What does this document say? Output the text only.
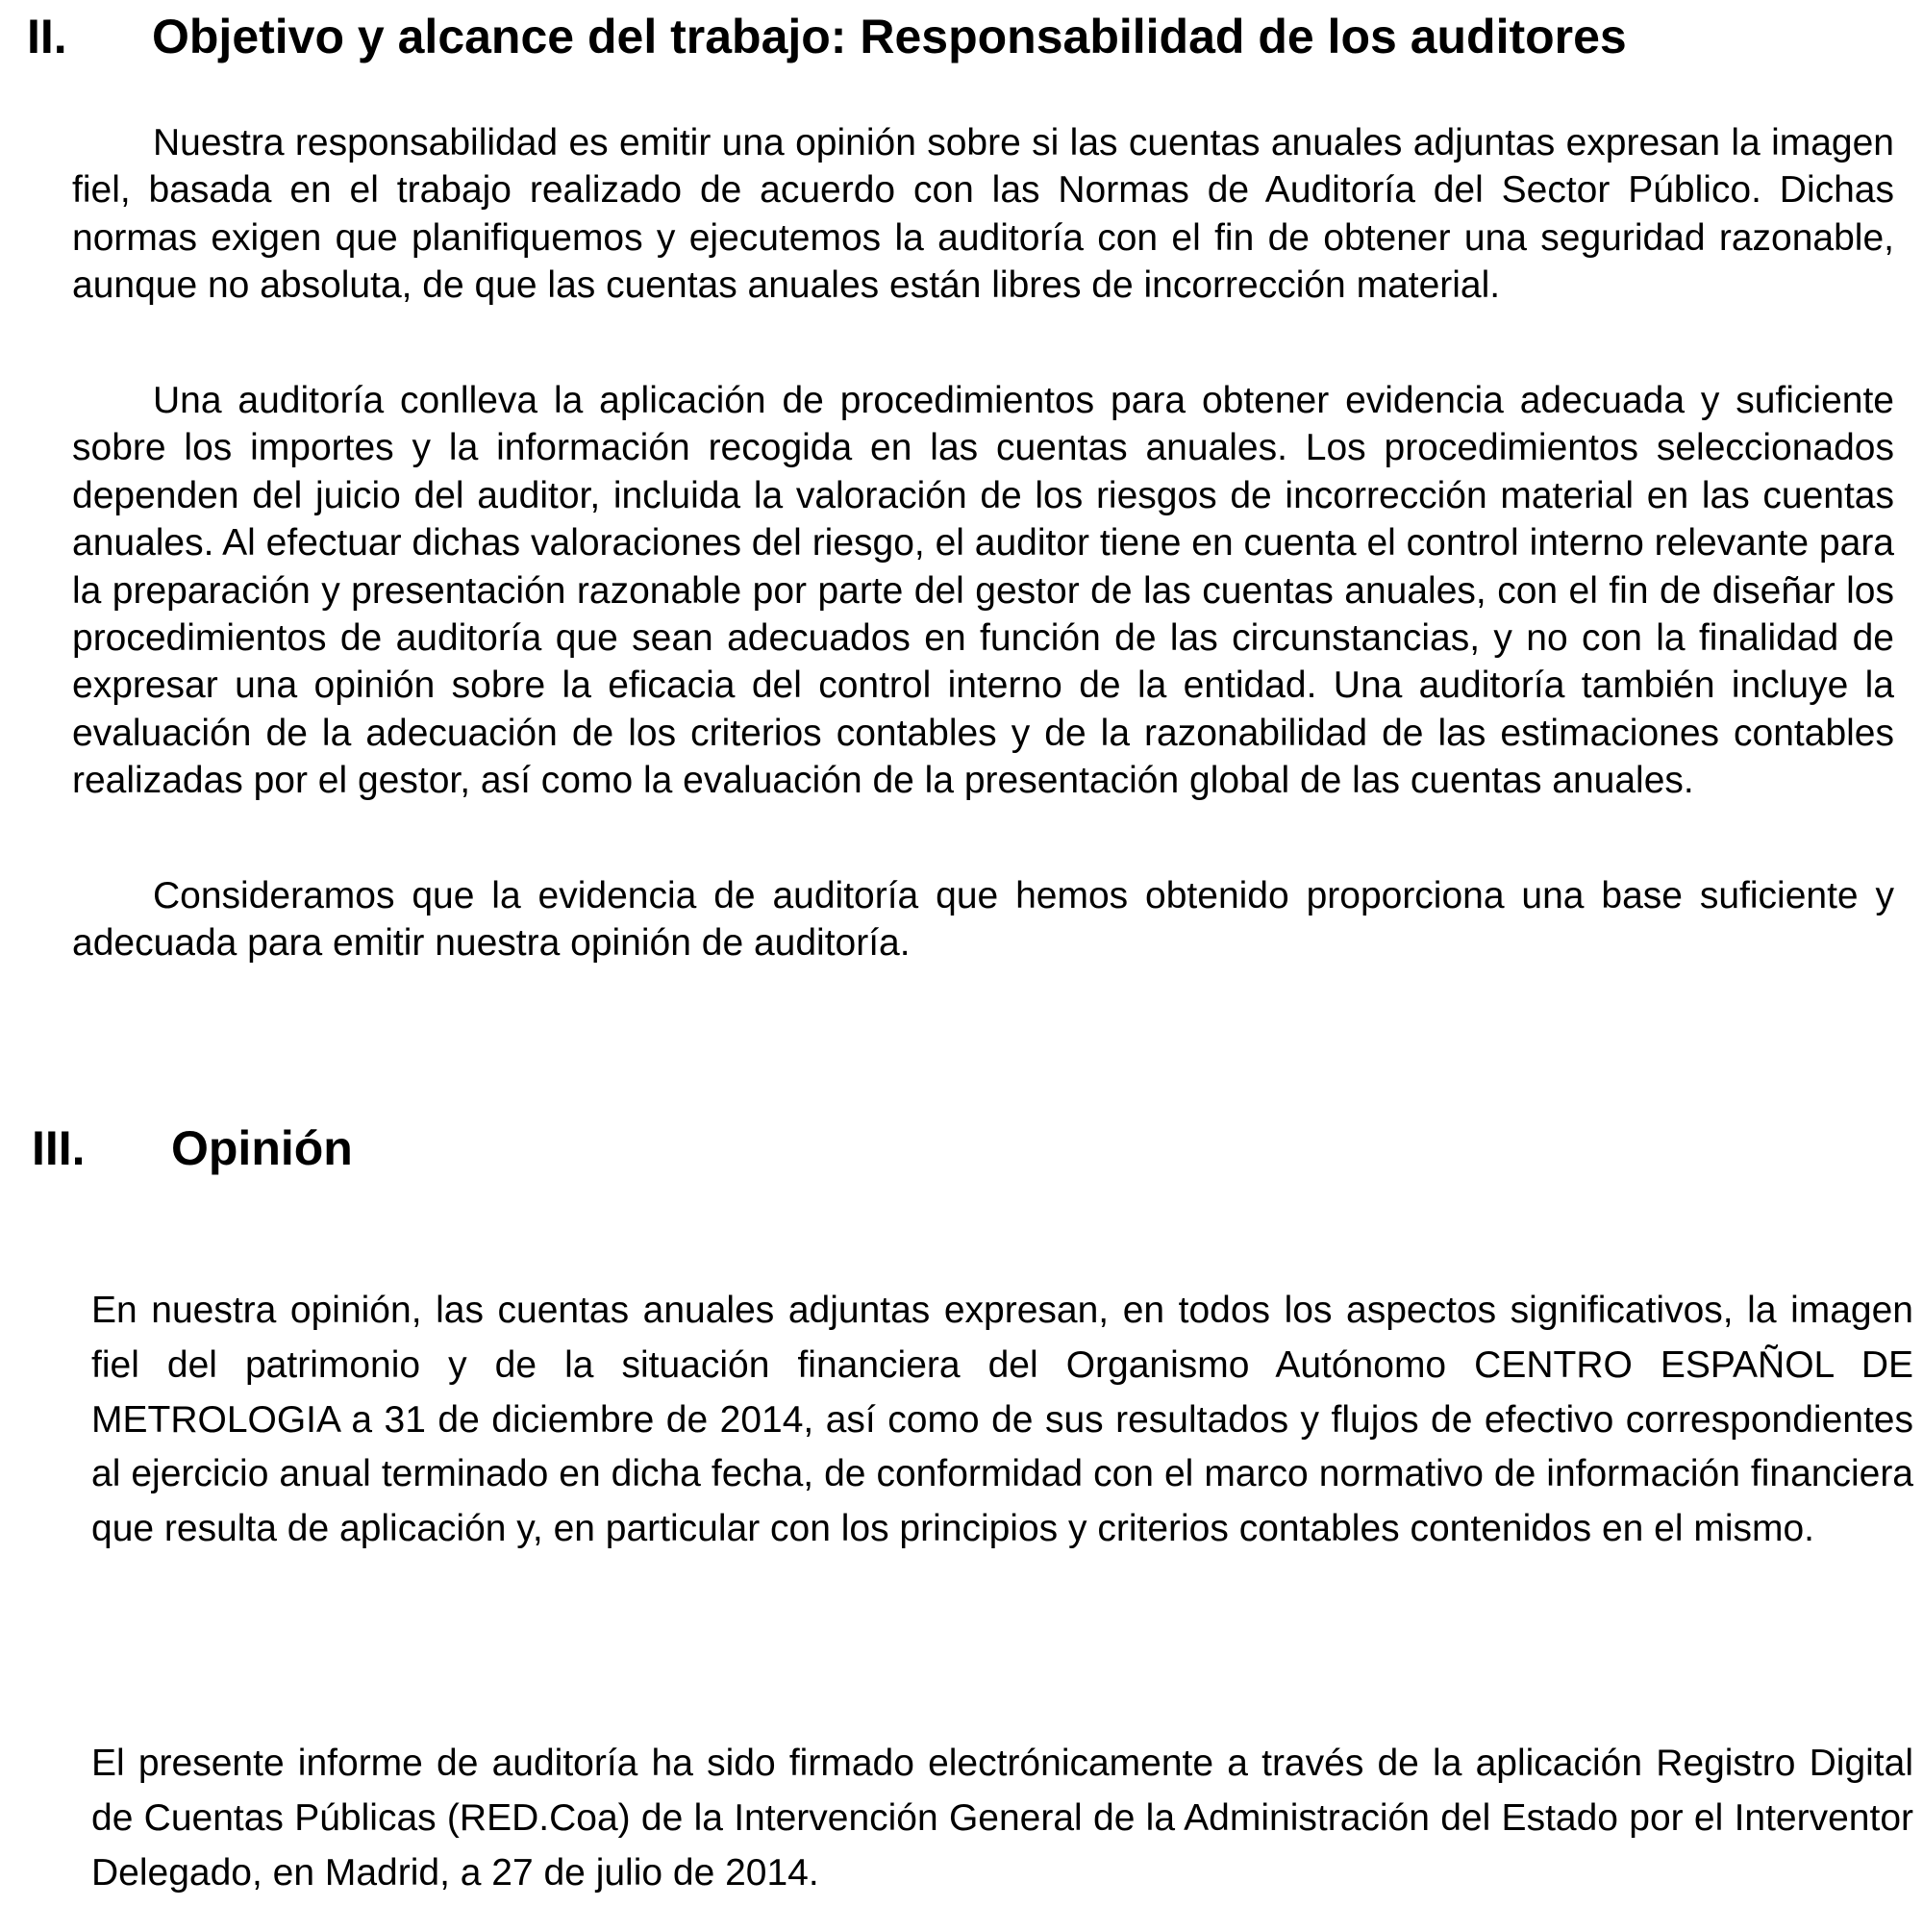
II. Objetivo y alcance del trabajo: Responsabilidad de los auditores

Nuestra responsabilidad es emitir una opinión sobre si las cuentas anuales adjuntas expresan la imagen fiel, basada en el trabajo realizado de acuerdo con las Normas de Auditoría del Sector Público. Dichas normas exigen que planifiquemos y ejecutemos la auditoría con el fin de obtener una seguridad razonable, aunque no absoluta, de que las cuentas anuales están libres de incorrección material.

Una auditoría conlleva la aplicación de procedimientos para obtener evidencia adecuada y suficiente sobre los importes y la información recogida en las cuentas anuales. Los procedimientos seleccionados dependen del juicio del auditor, incluida la valoración de los riesgos de incorrección material en las cuentas anuales. Al efectuar dichas valoraciones del riesgo, el auditor tiene en cuenta el control interno relevante para la preparación y presentación razonable por parte del gestor de las cuentas anuales, con el fin de diseñar los procedimientos de auditoría que sean adecuados en función de las circunstancias, y no con la finalidad de expresar una opinión sobre la eficacia del control interno de la entidad. Una auditoría también incluye la evaluación de la adecuación de los criterios contables y de la razonabilidad de las estimaciones contables realizadas por el gestor, así como la evaluación de la presentación global de las cuentas anuales.

Consideramos que la evidencia de auditoría que hemos obtenido proporciona una base suficiente y adecuada para emitir nuestra opinión de auditoría.

III. Opinión

En nuestra opinión, las cuentas anuales adjuntas expresan, en todos los aspectos significativos, la imagen fiel del patrimonio y de la situación financiera del Organismo Autónomo CENTRO ESPAÑOL DE METROLOGIA a 31 de diciembre de 2014, así como de sus resultados y flujos de efectivo correspondientes al ejercicio anual terminado en dicha fecha, de conformidad con el marco normativo de información financiera que resulta de aplicación y, en particular con los principios y criterios contables contenidos en el mismo.

El presente informe de auditoría ha sido firmado electrónicamente a través de la aplicación Registro Digital de Cuentas Públicas (RED.Coa) de la Intervención General de la Administración del Estado por el Interventor Delegado, en Madrid, a 27 de julio de 2014.
